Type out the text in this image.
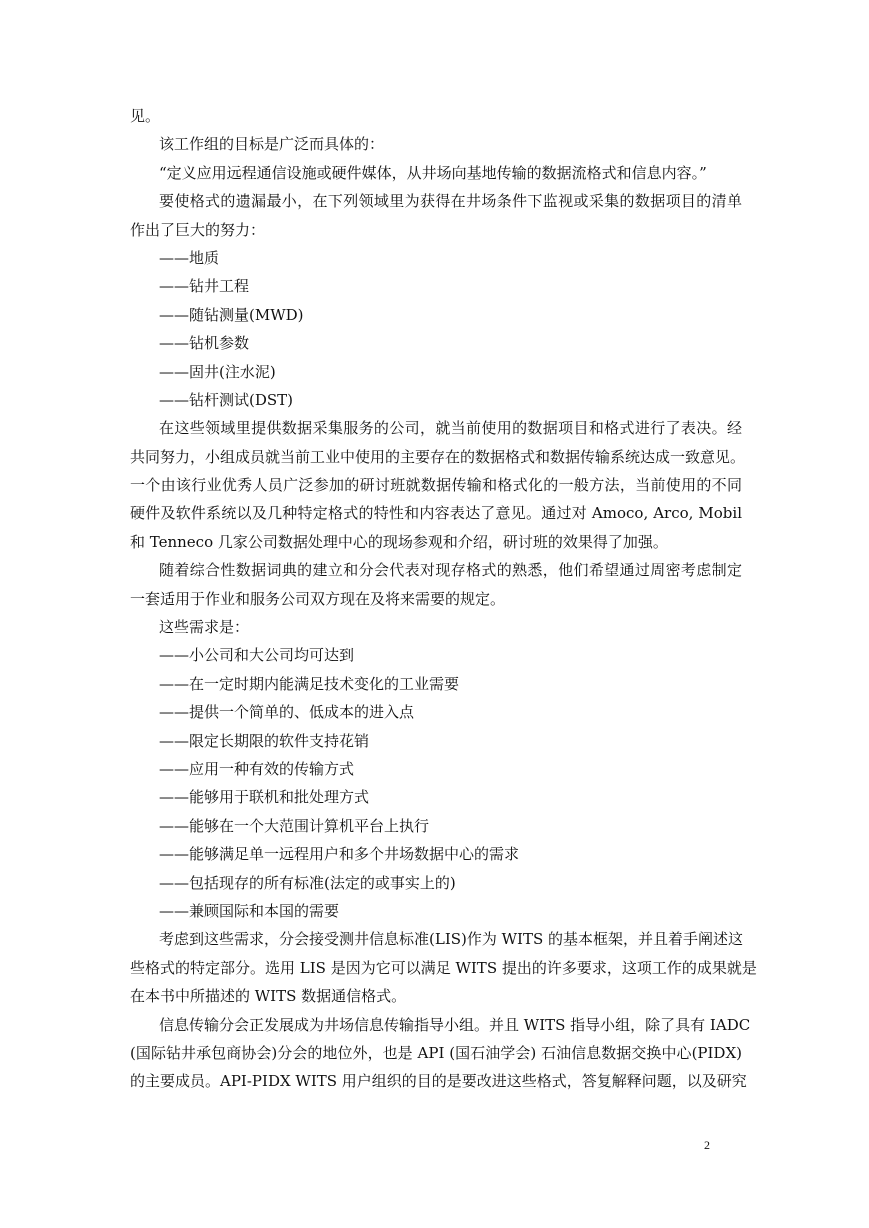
见。
该工作组的目标是广泛而具体的：
“定义应用远程通信设施或硬件媒体，从井场向基地传输的数据流格式和信息内容。”
要使格式的遗漏最小，在下列领域里为获得在井场条件下监视或采集的数据项目的清单
作出了巨大的努力：
——地质
——钻井工程
——随钻测量(MWD)
——钻机参数
——固井(注水泥)
——钻杆测试(DST)
在这些领域里提供数据采集服务的公司，就当前使用的数据项目和格式进行了表决。经
共同努力，小组成员就当前工业中使用的主要存在的数据格式和数据传输系统达成一致意见。
一个由该行业优秀人员广泛参加的研讨班就数据传输和格式化的一般方法，当前使用的不同
硬件及软件系统以及几种特定格式的特性和内容表达了意见。通过对 Amoco, Arco, Mobil
和 Tenneco 几家公司数据处理中心的现场参观和介绍，研讨班的效果得了加强。
随着综合性数据词典的建立和分会代表对现存格式的熟悉，他们希望通过周密考虑制定
一套适用于作业和服务公司双方现在及将来需要的规定。
这些需求是：
——小公司和大公司均可达到
——在一定时期内能满足技术变化的工业需要
——提供一个简单的、低成本的进入点
——限定长期限的软件支持花销
——应用一种有效的传输方式
——能够用于联机和批处理方式
——能够在一个大范围计算机平台上执行
——能够满足单一远程用户和多个井场数据中心的需求
——包括现存的所有标准(法定的或事实上的)
——兼顾国际和本国的需要
考虑到这些需求，分会接受测井信息标准(LIS)作为 WITS 的基本框架，并且着手阐述这
些格式的特定部分。选用 LIS 是因为它可以满足 WITS 提出的许多要求，这项工作的成果就是
在本书中所描述的 WITS 数据通信格式。
信息传输分会正发展成为井场信息传输指导小组。并且 WITS 指导小组，除了具有 IADC
(国际钻井承包商协会)分会的地位外，也是 API (国石油学会) 石油信息数据交换中心(PIDX)
的主要成员。API-PIDX WITS 用户组织的目的是要改进这些格式，答复解释问题，以及研究
2
